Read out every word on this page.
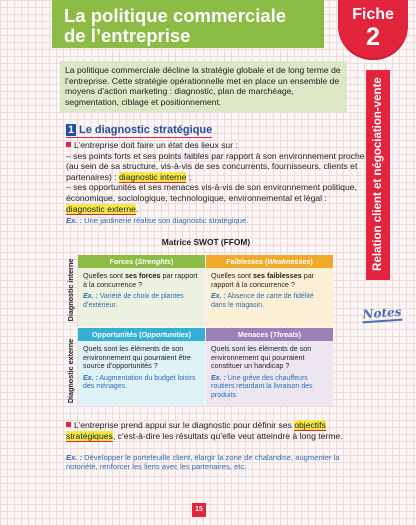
La politique commerciale
de l’entreprise
Fiche
2
Relation client et négociation-vente
Notes
La politique commerciale décline la stratégie globale et de long terme de l’entreprise. Cette stratégie opérationnelle met en place un ensemble de moyens d’action marketing : diagnostic, plan de marchéage, segmentation, ciblage et positionnement.
1 Le diagnostic stratégique
L’entreprise doit faire un état des lieux sur :
– ses points forts et ses points faibles par rapport à son environnement proche (au sein de sa structure, vis-à-vis de ses concurrents, fournisseurs, clients et partenaires) : diagnostic interne ;
– ses opportunités et ses menaces vis-à-vis de son environnement politique, économique, sociologique, technologique, environnemental et légal : diagnostic externe.
Ex. : Une jardinerie réalise son diagnostic stratégique.
Matrice SWOT (FFOM)
Diagnostic interne
Diagnostic externe
Forces (Strenghts)
Quelles sont ses forces par rapport à la concurrence ?
Ex. : Variété de choix de plantes d’extérieur.
Faiblesses (Weaknesses)
Quelles sont ses faiblesses par rapport à la concurrence ?
Ex. : Absence de carte de fidélité dans le magasin.
Opportunités (Opportunities)
Quels sont les éléments de son environnement qui pourraient être source d’opportunités ?
Ex. : Augmentation du budget loisirs des ménages.
Menaces (Threats)
Quels sont les éléments de son environnement qui pourraient constituer un handicap ?
Ex. : Une grève des chauffeurs routiers retardant la livraison des produits.
L’entreprise prend appui sur le diagnostic pour définir ses objectifs stratégiques, c’est-à-dire les résultats qu’elle veut atteindre à long terme.
Ex. : Développer le portefeuille client, élargir la zone de chalandise, augmenter la notoriété, renforcer les liens avec les partenaires, etc.
15
